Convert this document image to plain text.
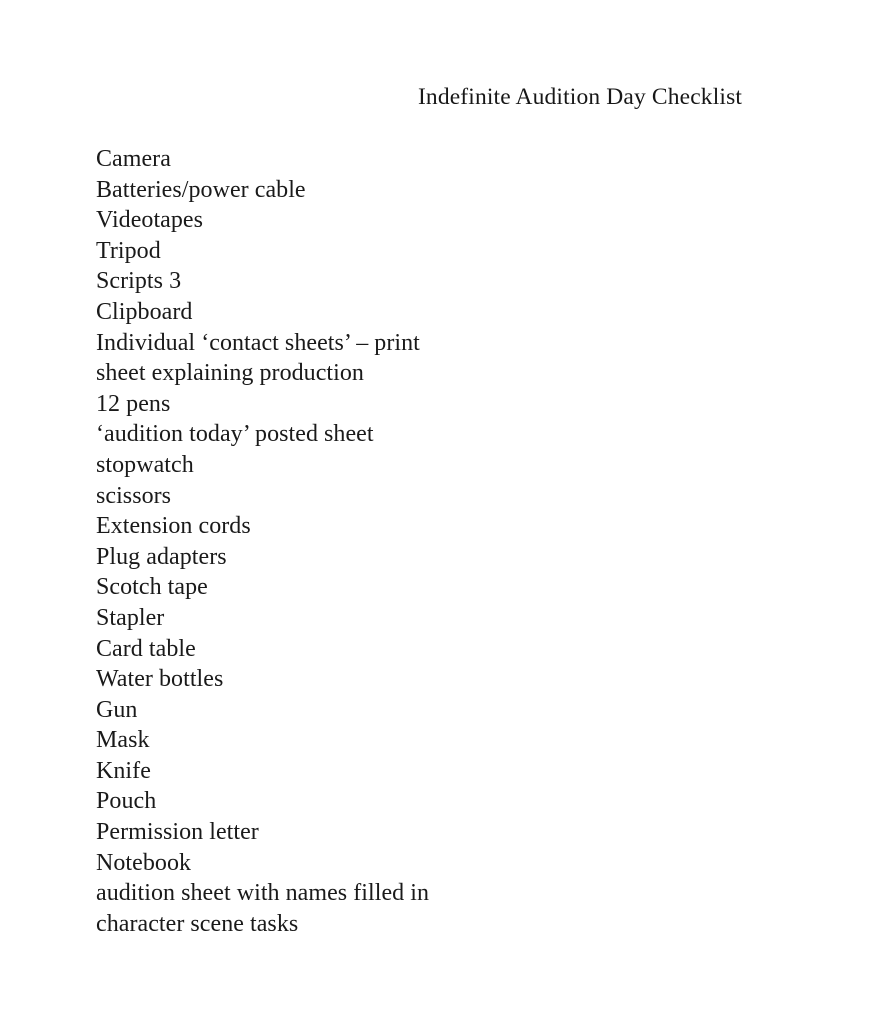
Indefinite Audition Day Checklist
Camera
Batteries/power cable
Videotapes
Tripod
Scripts 3
Clipboard
Individual ‘contact sheets’ – print
sheet explaining production
12 pens
‘audition today’ posted sheet
stopwatch
scissors
Extension cords
Plug adapters
Scotch tape
Stapler
Card table
Water bottles
Gun
Mask
Knife
Pouch
Permission letter
Notebook
audition sheet with names filled in
character scene tasks
